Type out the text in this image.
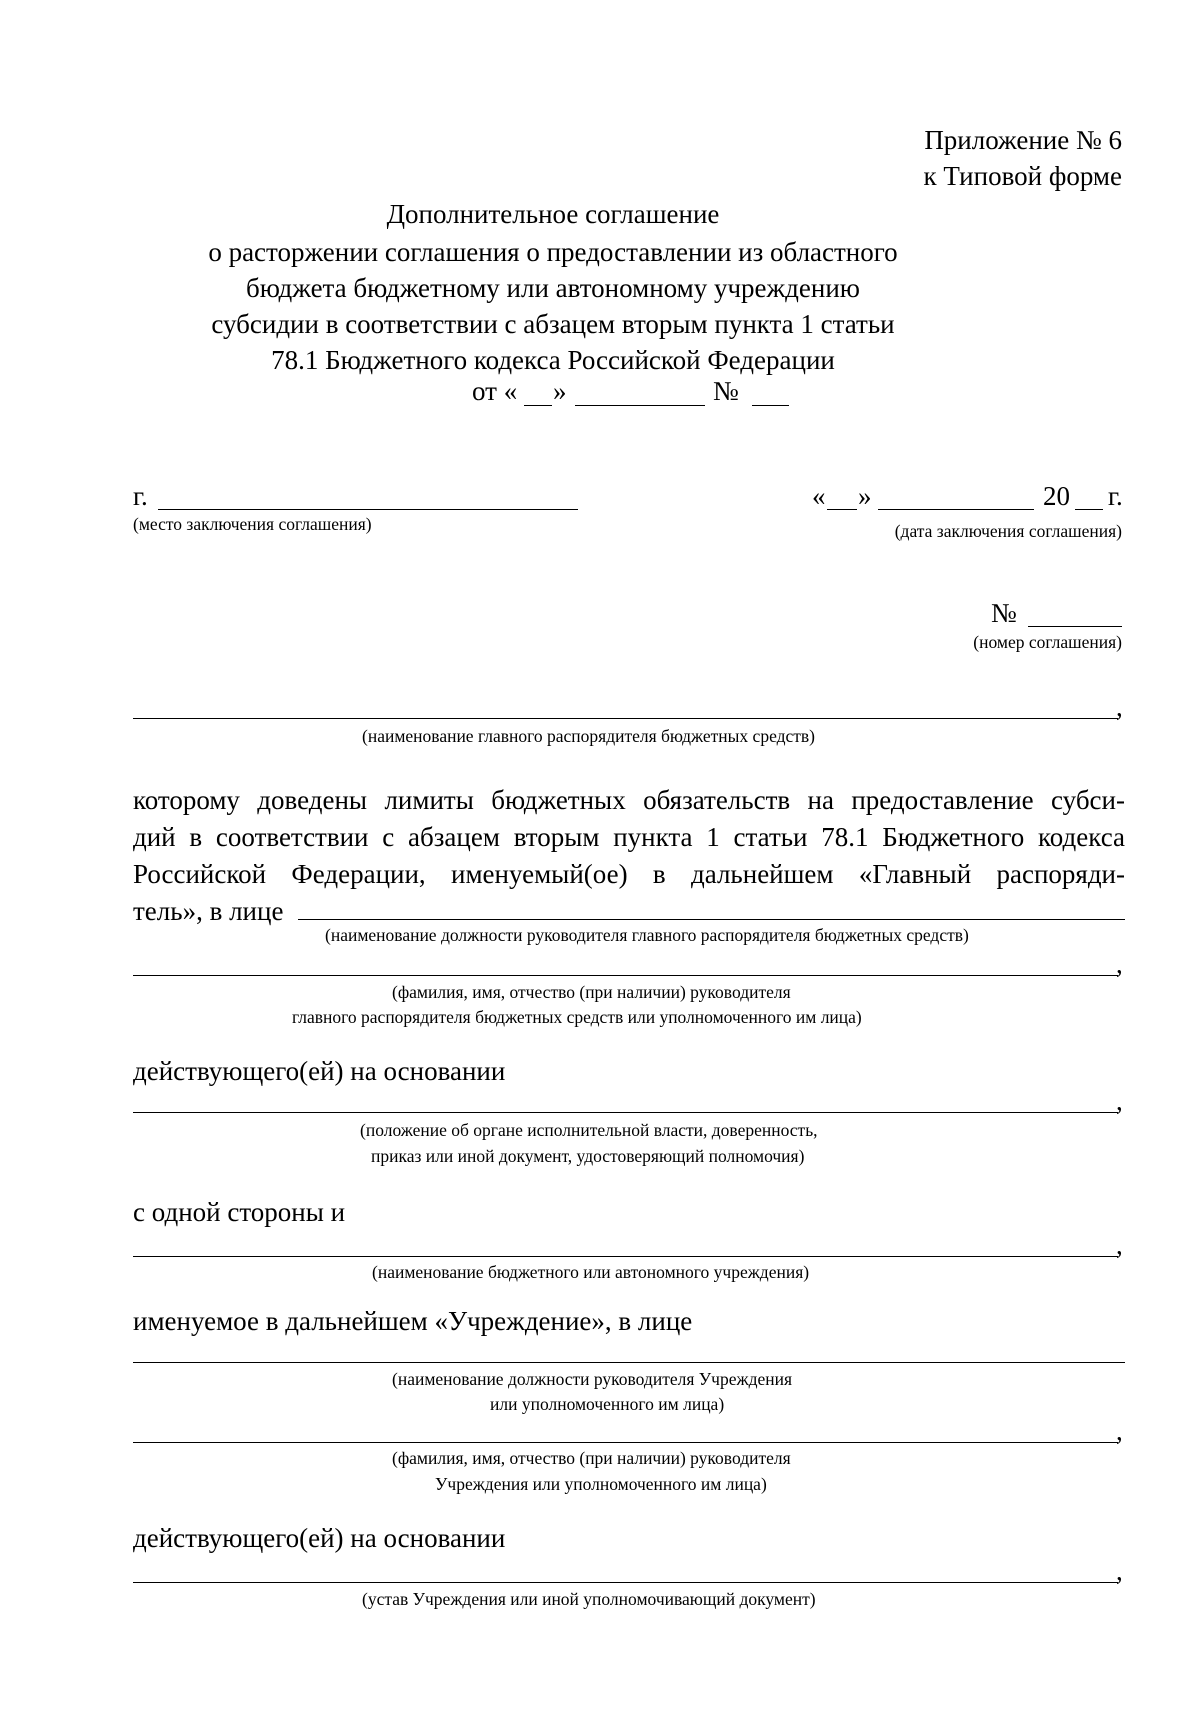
Приложение № 6
к Типовой форме
Дополнительное соглашение
о расторжении соглашения о предоставлении из областного
бюджета бюджетному или автономному учреждению
субсидии в соответствии с абзацем вторым пункта 1 статьи
78.1 Бюджетного кодекса Российской Федерации
от « »	№
г.
(место заключения соглашения)
« »	20 г.
(дата заключения соглашения)
№
(номер соглашения)
,
(наименование главного распорядителя бюджетных средств)
которому доведены лимиты бюджетных обязательств на предоставление субси-
дий в соответствии с абзацем вторым пункта 1 статьи 78.1 Бюджетного кодекса
Российской Федерации, именуемый(ое) в дальнейшем «Главный распоряди-
тель», в лице
(наименование должности руководителя главного распорядителя бюджетных средств)
,
(фамилия, имя, отчество (при наличии) руководителя
главного распорядителя бюджетных средств или уполномоченного им лица)
действующего(ей) на основании
,
(положение об органе исполнительной власти, доверенность,
приказ или иной документ, удостоверяющий полномочия)
с одной стороны и
,
(наименование бюджетного или автономного учреждения)
именуемое в дальнейшем «Учреждение», в лице
(наименование должности руководителя Учреждения
или уполномоченного им лица)
,
(фамилия, имя, отчество (при наличии) руководителя
Учреждения или уполномоченного им лица)
действующего(ей) на основании
,
(устав Учреждения или иной уполномочивающий документ)
